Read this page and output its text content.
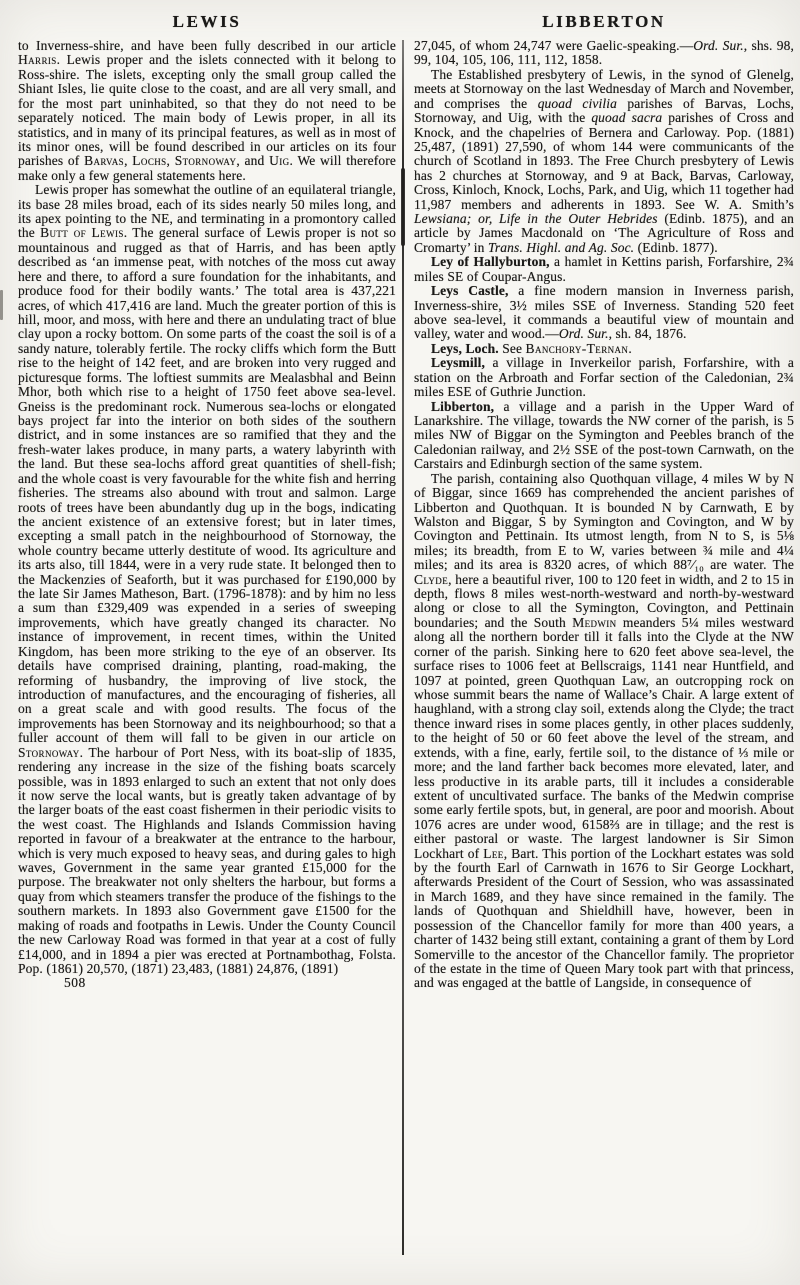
LEWIS	LIBBERTON

to Inverness-shire, and have been fully described in our article Harris. Lewis proper and the islets connected with it belong to Ross-shire. The islets, excepting only the small group called the Shiant Isles, lie quite close to the coast, and are all very small, and for the most part uninhabited, so that they do not need to be separately noticed. The main body of Lewis proper, in all its statistics, and in many of its principal features, as well as in most of its minor ones, will be found described in our articles on its four parishes of Barvas, Lochs, Stornoway, and Uig. We will therefore make only a few general statements here.

Lewis proper has somewhat the outline of an equilateral triangle, its base 28 miles broad, each of its sides nearly 50 miles long, and its apex pointing to the NE, and terminating in a promontory called the Butt of Lewis. The general surface of Lewis proper is not so mountainous and rugged as that of Harris, and has been aptly described as ‘an immense peat, with notches of the moss cut away here and there, to afford a sure foundation for the inhabitants, and produce food for their bodily wants.’ The total area is 437,221 acres, of which 417,416 are land. Much the greater portion of this is hill, moor, and moss, with here and there an undulating tract of blue clay upon a rocky bottom. On some parts of the coast the soil is of a sandy nature, tolerably fertile. The rocky cliffs which form the Butt rise to the height of 142 feet, and are broken into very rugged and picturesque forms. The loftiest summits are Mealasbhal and Beinn Mhor, both which rise to a height of 1750 feet above sea-level. Gneiss is the predominant rock. Numerous sea-lochs or elongated bays project far into the interior on both sides of the southern district, and in some instances are so ramified that they and the fresh-water lakes produce, in many parts, a watery labyrinth with the land. But these sea-lochs afford great quantities of shell-fish; and the whole coast is very favourable for the white fish and herring fisheries. The streams also abound with trout and salmon. Large roots of trees have been abundantly dug up in the bogs, indicating the ancient existence of an extensive forest; but in later times, excepting a small patch in the neighbourhood of Stornoway, the whole country became utterly destitute of wood. Its agriculture and its arts also, till 1844, were in a very rude state. It belonged then to the Mackenzies of Seaforth, but it was purchased for £190,000 by the late Sir James Matheson, Bart. (1796-1878): and by him no less a sum than £329,409 was expended in a series of sweeping improvements, which have greatly changed its character. No instance of improvement, in recent times, within the United Kingdom, has been more striking to the eye of an observer. Its details have comprised draining, planting, road-making, the reforming of husbandry, the improving of live stock, the introduction of manufactures, and the encouraging of fisheries, all on a great scale and with good results. The focus of the improvements has been Stornoway and its neighbourhood; so that a fuller account of them will fall to be given in our article on Stornoway. The harbour of Port Ness, with its boat-slip of 1835, rendering any increase in the size of the fishing boats scarcely possible, was in 1893 enlarged to such an extent that not only does it now serve the local wants, but is greatly taken advantage of by the larger boats of the east coast fishermen in their periodic visits to the west coast. The Highlands and Islands Commission having reported in favour of a breakwater at the entrance to the harbour, which is very much exposed to heavy seas, and during gales to high waves, Government in the same year granted £15,000 for the purpose. The breakwater not only shelters the harbour, but forms a quay from which steamers transfer the produce of the fishings to the southern markets. In 1893 also Government gave £1500 for the making of roads and footpaths in Lewis. Under the County Council the new Carloway Road was formed in that year at a cost of fully £14,000, and in 1894 a pier was erected at Portnambothag, Folsta. Pop. (1861) 20,570, (1871) 23,483, (1881) 24,876, (1891)

508

27,045, of whom 24,747 were Gaelic-speaking.—Ord. Sur., shs. 98, 99, 104, 105, 106, 111, 112, 1858.

The Established presbytery of Lewis, in the synod of Glenelg, meets at Stornoway on the last Wednesday of March and November, and comprises the quoad civilia parishes of Barvas, Lochs, Stornoway, and Uig, with the quoad sacra parishes of Cross and Knock, and the chapelries of Bernera and Carloway. Pop. (1881) 25,487, (1891) 27,590, of whom 144 were communicants of the church of Scotland in 1893. The Free Church presbytery of Lewis has 2 churches at Stornoway, and 9 at Back, Barvas, Carloway, Cross, Kinloch, Knock, Lochs, Park, and Uig, which 11 together had 11,987 members and adherents in 1893. See W. A. Smith’s Lewsiana; or, Life in the Outer Hebrides (Edinb. 1875), and an article by James Macdonald on ‘The Agriculture of Ross and Cromarty’ in Trans. Highl. and Ag. Soc. (Edinb. 1877).

Ley of Hallyburton, a hamlet in Kettins parish, Forfarshire, 2¾ miles SE of Coupar-Angus.

Leys Castle, a fine modern mansion in Inverness parish, Inverness-shire, 3½ miles SSE of Inverness. Standing 520 feet above sea-level, it commands a beautiful view of mountain and valley, water and wood.—Ord. Sur., sh. 84, 1876.

Leys, Loch. See Banchory-Ternan.

Leysmill, a village in Inverkeilor parish, Forfarshire, with a station on the Arbroath and Forfar section of the Caledonian, 2¾ miles ESE of Guthrie Junction.

Libberton, a village and a parish in the Upper Ward of Lanarkshire. The village, towards the NW corner of the parish, is 5 miles NW of Biggar on the Symington and Peebles branch of the Caledonian railway, and 2½ SSE of the post-town Carnwath, on the Carstairs and Edinburgh section of the same system.

The parish, containing also Quothquan village, 4 miles W by N of Biggar, since 1669 has comprehended the ancient parishes of Libberton and Quothquan. It is bounded N by Carnwath, E by Walston and Biggar, S by Symington and Covington, and W by Covington and Pettinain. Its utmost length, from N to S, is 5⅛ miles; its breadth, from E to W, varies between ¾ mile and 4¼ miles; and its area is 8320 acres, of which 88⁷⁄₁₀ are water. The Clyde, here a beautiful river, 100 to 120 feet in width, and 2 to 15 in depth, flows 8 miles west-north-westward and north-by-westward along or close to all the Symington, Covington, and Pettinain boundaries; and the South Medwin meanders 5¼ miles westward along all the northern border till it falls into the Clyde at the NW corner of the parish. Sinking here to 620 feet above sea-level, the surface rises to 1006 feet at Bellscraigs, 1141 near Huntfield, and 1097 at pointed, green Quothquan Law, an outcropping rock on whose summit bears the name of Wallace’s Chair. A large extent of haughland, with a strong clay soil, extends along the Clyde; the tract thence inward rises in some places gently, in other places suddenly, to the height of 50 or 60 feet above the level of the stream, and extends, with a fine, early, fertile soil, to the distance of ⅓ mile or more; and the land farther back becomes more elevated, later, and less productive in its arable parts, till it includes a considerable extent of uncultivated surface. The banks of the Medwin comprise some early fertile spots, but, in general, are poor and moorish. About 1076 acres are under wood, 6158⅔ are in tillage; and the rest is either pastoral or waste. The largest landowner is Sir Simon Lockhart of Lee, Bart. This portion of the Lockhart estates was sold by the fourth Earl of Carnwath in 1676 to Sir George Lockhart, afterwards President of the Court of Session, who was assassinated in March 1689, and they have since remained in the family. The lands of Quothquan and Shieldhill have, however, been in possession of the Chancellor family for more than 400 years, a charter of 1432 being still extant, containing a grant of them by Lord Somerville to the ancestor of the Chancellor family. The proprietor of the estate in the time of Queen Mary took part with that princess, and was engaged at the battle of Langside, in consequence of
